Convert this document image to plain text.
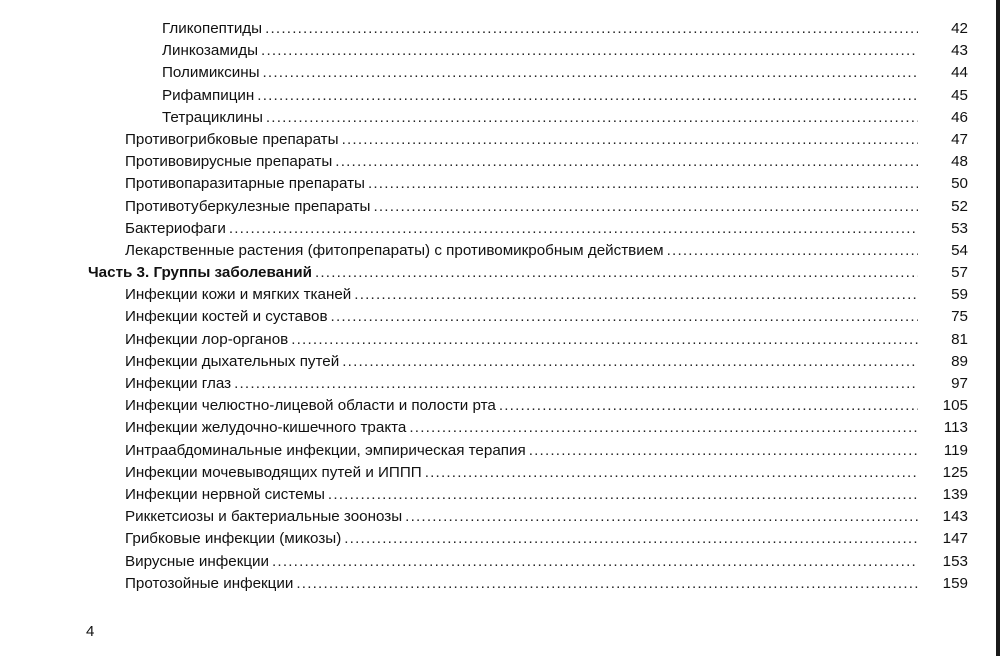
Гликопептиды .....	42
Линкозамиды .....	43
Полимиксины .....	44
Рифампицин .....	45
Тетрациклины .....	46
Противогрибковые препараты .....	47
Противовирусные препараты .....	48
Противопаразитарные препараты .....	50
Противотуберкулезные препараты .....	52
Бактериофаги .....	53
Лекарственные растения (фитопрепараты) с противомикробным действием .....	54
Часть 3. Группы заболеваний .....	57
Инфекции кожи и мягких тканей .....	59
Инфекции костей и суставов .....	75
Инфекции лор-органов .....	81
Инфекции дыхательных путей .....	89
Инфекции глаз .....	97
Инфекции челюстно-лицевой области и полости рта .....	105
Инфекции желудочно-кишечного тракта .....	113
Интраабдоминальные инфекции, эмпирическая терапия .....	119
Инфекции мочевыводящих путей и ИППП .....	125
Инфекции нервной системы .....	139
Риккетсиозы и бактериальные зоонозы .....	143
Грибковые инфекции (микозы) .....	147
Вирусные инфекции .....	153
Протозойные инфекции .....	159
4
